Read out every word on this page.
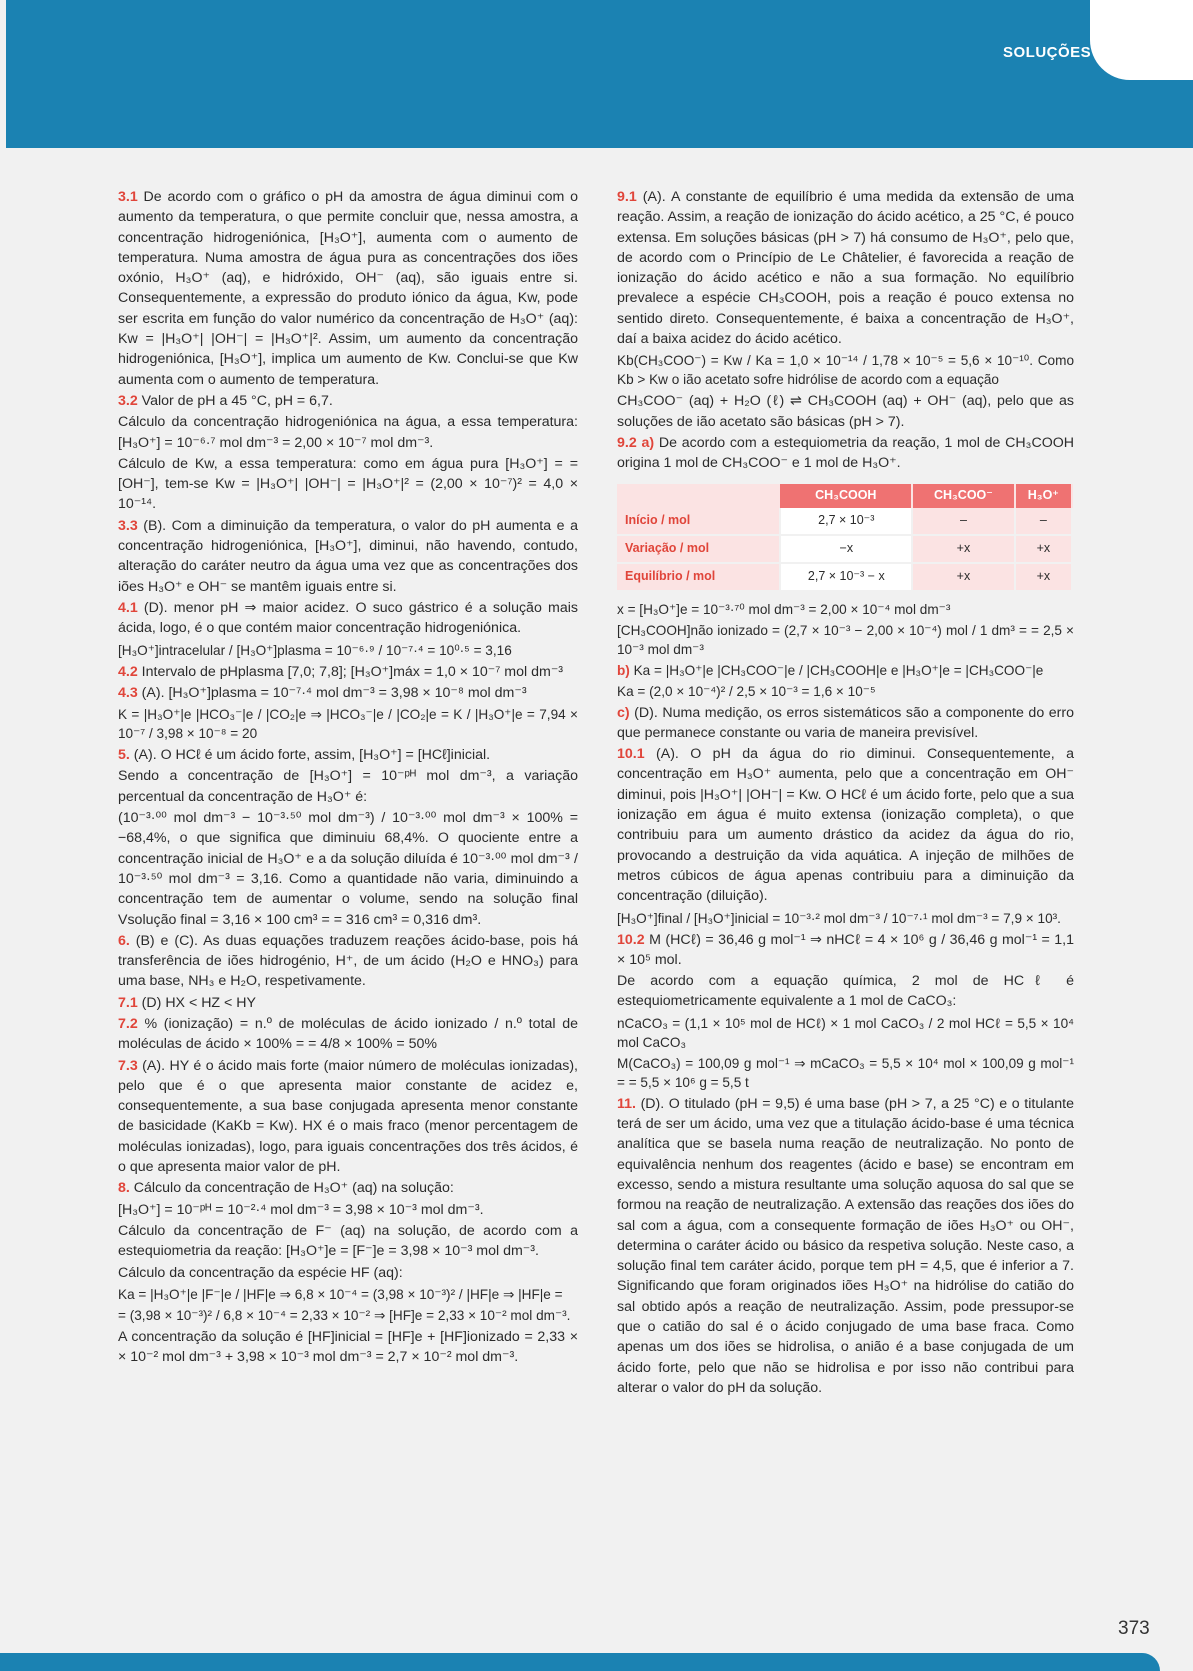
SOLUÇÕES

3.1 De acordo com o gráfico o pH da amostra de água diminui com o aumento da temperatura, o que permite concluir que, nessa amostra, a concentração hidrogeniónica, [H₃O⁺], aumenta com o aumento de temperatura. Numa amostra de água pura as concentrações dos iões oxónio, H₃O⁺ (aq), e hidróxido, OH⁻ (aq), são iguais entre si. Consequentemente, a expressão do produto iónico da água, Kw, pode ser escrita em função do valor numérico da concentração de H₃O⁺ (aq): Kw = |H₃O⁺| |OH⁻| = |H₃O⁺|². Assim, um aumento da concentração hidrogeniónica, [H₃O⁺], implica um aumento de Kw. Conclui-se que Kw aumenta com o aumento de temperatura.

3.2 Valor de pH a 45 °C, pH = 6,7.

Cálculo da concentração hidrogeniónica na água, a essa temperatura: [H₃O⁺] = 10⁻⁶·⁷ mol dm⁻³ = 2,00 × 10⁻⁷ mol dm⁻³.

Cálculo de Kw, a essa temperatura: como em água pura [H₃O⁺] = = [OH⁻], tem-se Kw = |H₃O⁺| |OH⁻| = |H₃O⁺|² = (2,00 × 10⁻⁷)² = 4,0 × 10⁻¹⁴.

3.3 (B). Com a diminuição da temperatura, o valor do pH aumenta e a concentração hidrogeniónica, [H₃O⁺], diminui, não havendo, contudo, alteração do caráter neutro da água uma vez que as concentrações dos iões H₃O⁺ e OH⁻ se mantêm iguais entre si.

4.1 (D). menor pH ⇒ maior acidez. O suco gástrico é a solução mais ácida, logo, é o que contém maior concentração hidrogeniónica.

[H₃O⁺]intracelular / [H₃O⁺]plasma = 10⁻⁶·⁹ / 10⁻⁷·⁴ = 10⁰·⁵ = 3,16

4.2 Intervalo de pHplasma [7,0; 7,8]; [H₃O⁺]máx = 1,0 × 10⁻⁷ mol dm⁻³

4.3 (A). [H₃O⁺]plasma = 10⁻⁷·⁴ mol dm⁻³ = 3,98 × 10⁻⁸ mol dm⁻³

K = |H₃O⁺|e |HCO₃⁻|e / |CO₂|e ⇒ |HCO₃⁻|e / |CO₂|e = K / |H₃O⁺|e = 7,94 × 10⁻⁷ / 3,98 × 10⁻⁸ = 20

5. (A). O HCℓ é um ácido forte, assim, [H₃O⁺] = [HCℓ]inicial.

Sendo a concentração de [H₃O⁺] = 10⁻ᵖᴴ mol dm⁻³, a variação percentual da concentração de H₃O⁺ é:

(10⁻³·⁰⁰ mol dm⁻³ − 10⁻³·⁵⁰ mol dm⁻³) / 10⁻³·⁰⁰ mol dm⁻³ × 100% = −68,4%, o que significa que diminuiu 68,4%. O quociente entre a concentração inicial de H₃O⁺ e a da solução diluída é 10⁻³·⁰⁰ mol dm⁻³ / 10⁻³·⁵⁰ mol dm⁻³ = 3,16. Como a quantidade não varia, diminuindo a concentração tem de aumentar o volume, sendo na solução final Vsolução final = 3,16 × 100 cm³ = = 316 cm³ = 0,316 dm³.

6. (B) e (C). As duas equações traduzem reações ácido-base, pois há transferência de iões hidrogénio, H⁺, de um ácido (H₂O e HNO₃) para uma base, NH₃ e H₂O, respetivamente.

7.1 (D) HX < HZ < HY

7.2 % (ionização) = n.º de moléculas de ácido ionizado / n.º total de moléculas de ácido × 100% = = 4/8 × 100% = 50%

7.3 (A). HY é o ácido mais forte (maior número de moléculas ionizadas), pelo que é o que apresenta maior constante de acidez e, consequentemente, a sua base conjugada apresenta menor constante de basicidade (KaKb = Kw). HX é o mais fraco (menor percentagem de moléculas ionizadas), logo, para iguais concentrações dos três ácidos, é o que apresenta maior valor de pH.

8. Cálculo da concentração de H₃O⁺ (aq) na solução:

[H₃O⁺] = 10⁻ᵖᴴ = 10⁻²·⁴ mol dm⁻³ = 3,98 × 10⁻³ mol dm⁻³.

Cálculo da concentração de F⁻ (aq) na solução, de acordo com a estequiometria da reação: [H₃O⁺]e = [F⁻]e = 3,98 × 10⁻³ mol dm⁻³.

Cálculo da concentração da espécie HF (aq):

Ka = |H₃O⁺|e |F⁻|e / |HF|e ⇒ 6,8 × 10⁻⁴ = (3,98 × 10⁻³)² / |HF|e ⇒ |HF|e =

= (3,98 × 10⁻³)² / 6,8 × 10⁻⁴ = 2,33 × 10⁻² ⇒ [HF]e = 2,33 × 10⁻² mol dm⁻³.

A concentração da solução é [HF]inicial = [HF]e + [HF]ionizado = 2,33 × × 10⁻² mol dm⁻³ + 3,98 × 10⁻³ mol dm⁻³ = 2,7 × 10⁻² mol dm⁻³.

9.1 (A). A constante de equilíbrio é uma medida da extensão de uma reação. Assim, a reação de ionização do ácido acético, a 25 °C, é pouco extensa. Em soluções básicas (pH > 7) há consumo de H₃O⁺, pelo que, de acordo com o Princípio de Le Châtelier, é favorecida a reação de ionização do ácido acético e não a sua formação. No equilíbrio prevalece a espécie CH₃COOH, pois a reação é pouco extensa no sentido direto. Consequentemente, é baixa a concentração de H₃O⁺, daí a baixa acidez do ácido acético.

Kb(CH₃COO⁻) = Kw / Ka = 1,0 × 10⁻¹⁴ / 1,78 × 10⁻⁵ = 5,6 × 10⁻¹⁰. Como Kb > Kw o ião acetato sofre hidrólise de acordo com a equação

CH₃COO⁻ (aq) + H₂O (ℓ) ⇌ CH₃COOH (aq) + OH⁻ (aq), pelo que as soluções de ião acetato são básicas (pH > 7).

9.2 a) De acordo com a estequiometria da reação, 1 mol de CH₃COOH origina 1 mol de CH₃COO⁻ e 1 mol de H₃O⁺.

	CH₃COOH	CH₃COO⁻	H₃O⁺
Início / mol	2,7 × 10⁻³	–	–
Variação / mol	−x	+x	+x
Equilíbrio / mol	2,7 × 10⁻³ − x	+x	+x

x = [H₃O⁺]e = 10⁻³·⁷⁰ mol dm⁻³ = 2,00 × 10⁻⁴ mol dm⁻³

[CH₃COOH]não ionizado = (2,7 × 10⁻³ − 2,00 × 10⁻⁴) mol / 1 dm³ = = 2,5 × 10⁻³ mol dm⁻³

b) Ka = |H₃O⁺|e |CH₃COO⁻|e / |CH₃COOH|e e |H₃O⁺|e = |CH₃COO⁻|e

Ka = (2,0 × 10⁻⁴)² / 2,5 × 10⁻³ = 1,6 × 10⁻⁵

c) (D). Numa medição, os erros sistemáticos são a componente do erro que permanece constante ou varia de maneira previsível.

10.1 (A). O pH da água do rio diminui. Consequentemente, a concentração em H₃O⁺ aumenta, pelo que a concentração em OH⁻ diminui, pois |H₃O⁺| |OH⁻| = Kw. O HCℓ é um ácido forte, pelo que a sua ionização em água é muito extensa (ionização completa), o que contribuiu para um aumento drástico da acidez da água do rio, provocando a destruição da vida aquática. A injeção de milhões de metros cúbicos de água apenas contribuiu para a diminuição da concentração (diluição).

[H₃O⁺]final / [H₃O⁺]inicial = 10⁻³·² mol dm⁻³ / 10⁻⁷·¹ mol dm⁻³ = 7,9 × 10³.

10.2 M (HCℓ) = 36,46 g mol⁻¹ ⇒ nHCℓ = 4 × 10⁶ g / 36,46 g mol⁻¹ = 1,1 × 10⁵ mol.

De acordo com a equação química, 2 mol de HCℓ é estequiometricamente equivalente a 1 mol de CaCO₃:

nCaCO₃ = (1,1 × 10⁵ mol de HCℓ) × 1 mol CaCO₃ / 2 mol HCℓ = 5,5 × 10⁴ mol CaCO₃

M(CaCO₃) = 100,09 g mol⁻¹ ⇒ mCaCO₃ = 5,5 × 10⁴ mol × 100,09 g mol⁻¹ = = 5,5 × 10⁶ g = 5,5 t

11. (D). O titulado (pH = 9,5) é uma base (pH > 7, a 25 °C) e o titulante terá de ser um ácido, uma vez que a titulação ácido-base é uma técnica analítica que se basela numa reação de neutralização. No ponto de equivalência nenhum dos reagentes (ácido e base) se encontram em excesso, sendo a mistura resultante uma solução aquosa do sal que se formou na reação de neutralização. A extensão das reações dos iões do sal com a água, com a consequente formação de iões H₃O⁺ ou OH⁻, determina o caráter ácido ou básico da respetiva solução. Neste caso, a solução final tem caráter ácido, porque tem pH = 4,5, que é inferior a 7. Significando que foram originados iões H₃O⁺ na hidrólise do catião do sal obtido após a reação de neutralização. Assim, pode pressupor-se que o catião do sal é o ácido conjugado de uma base fraca. Como apenas um dos iões se hidrolisa, o anião é a base conjugada de um ácido forte, pelo que não se hidrolisa e por isso não contribui para alterar o valor do pH da solução.

373
